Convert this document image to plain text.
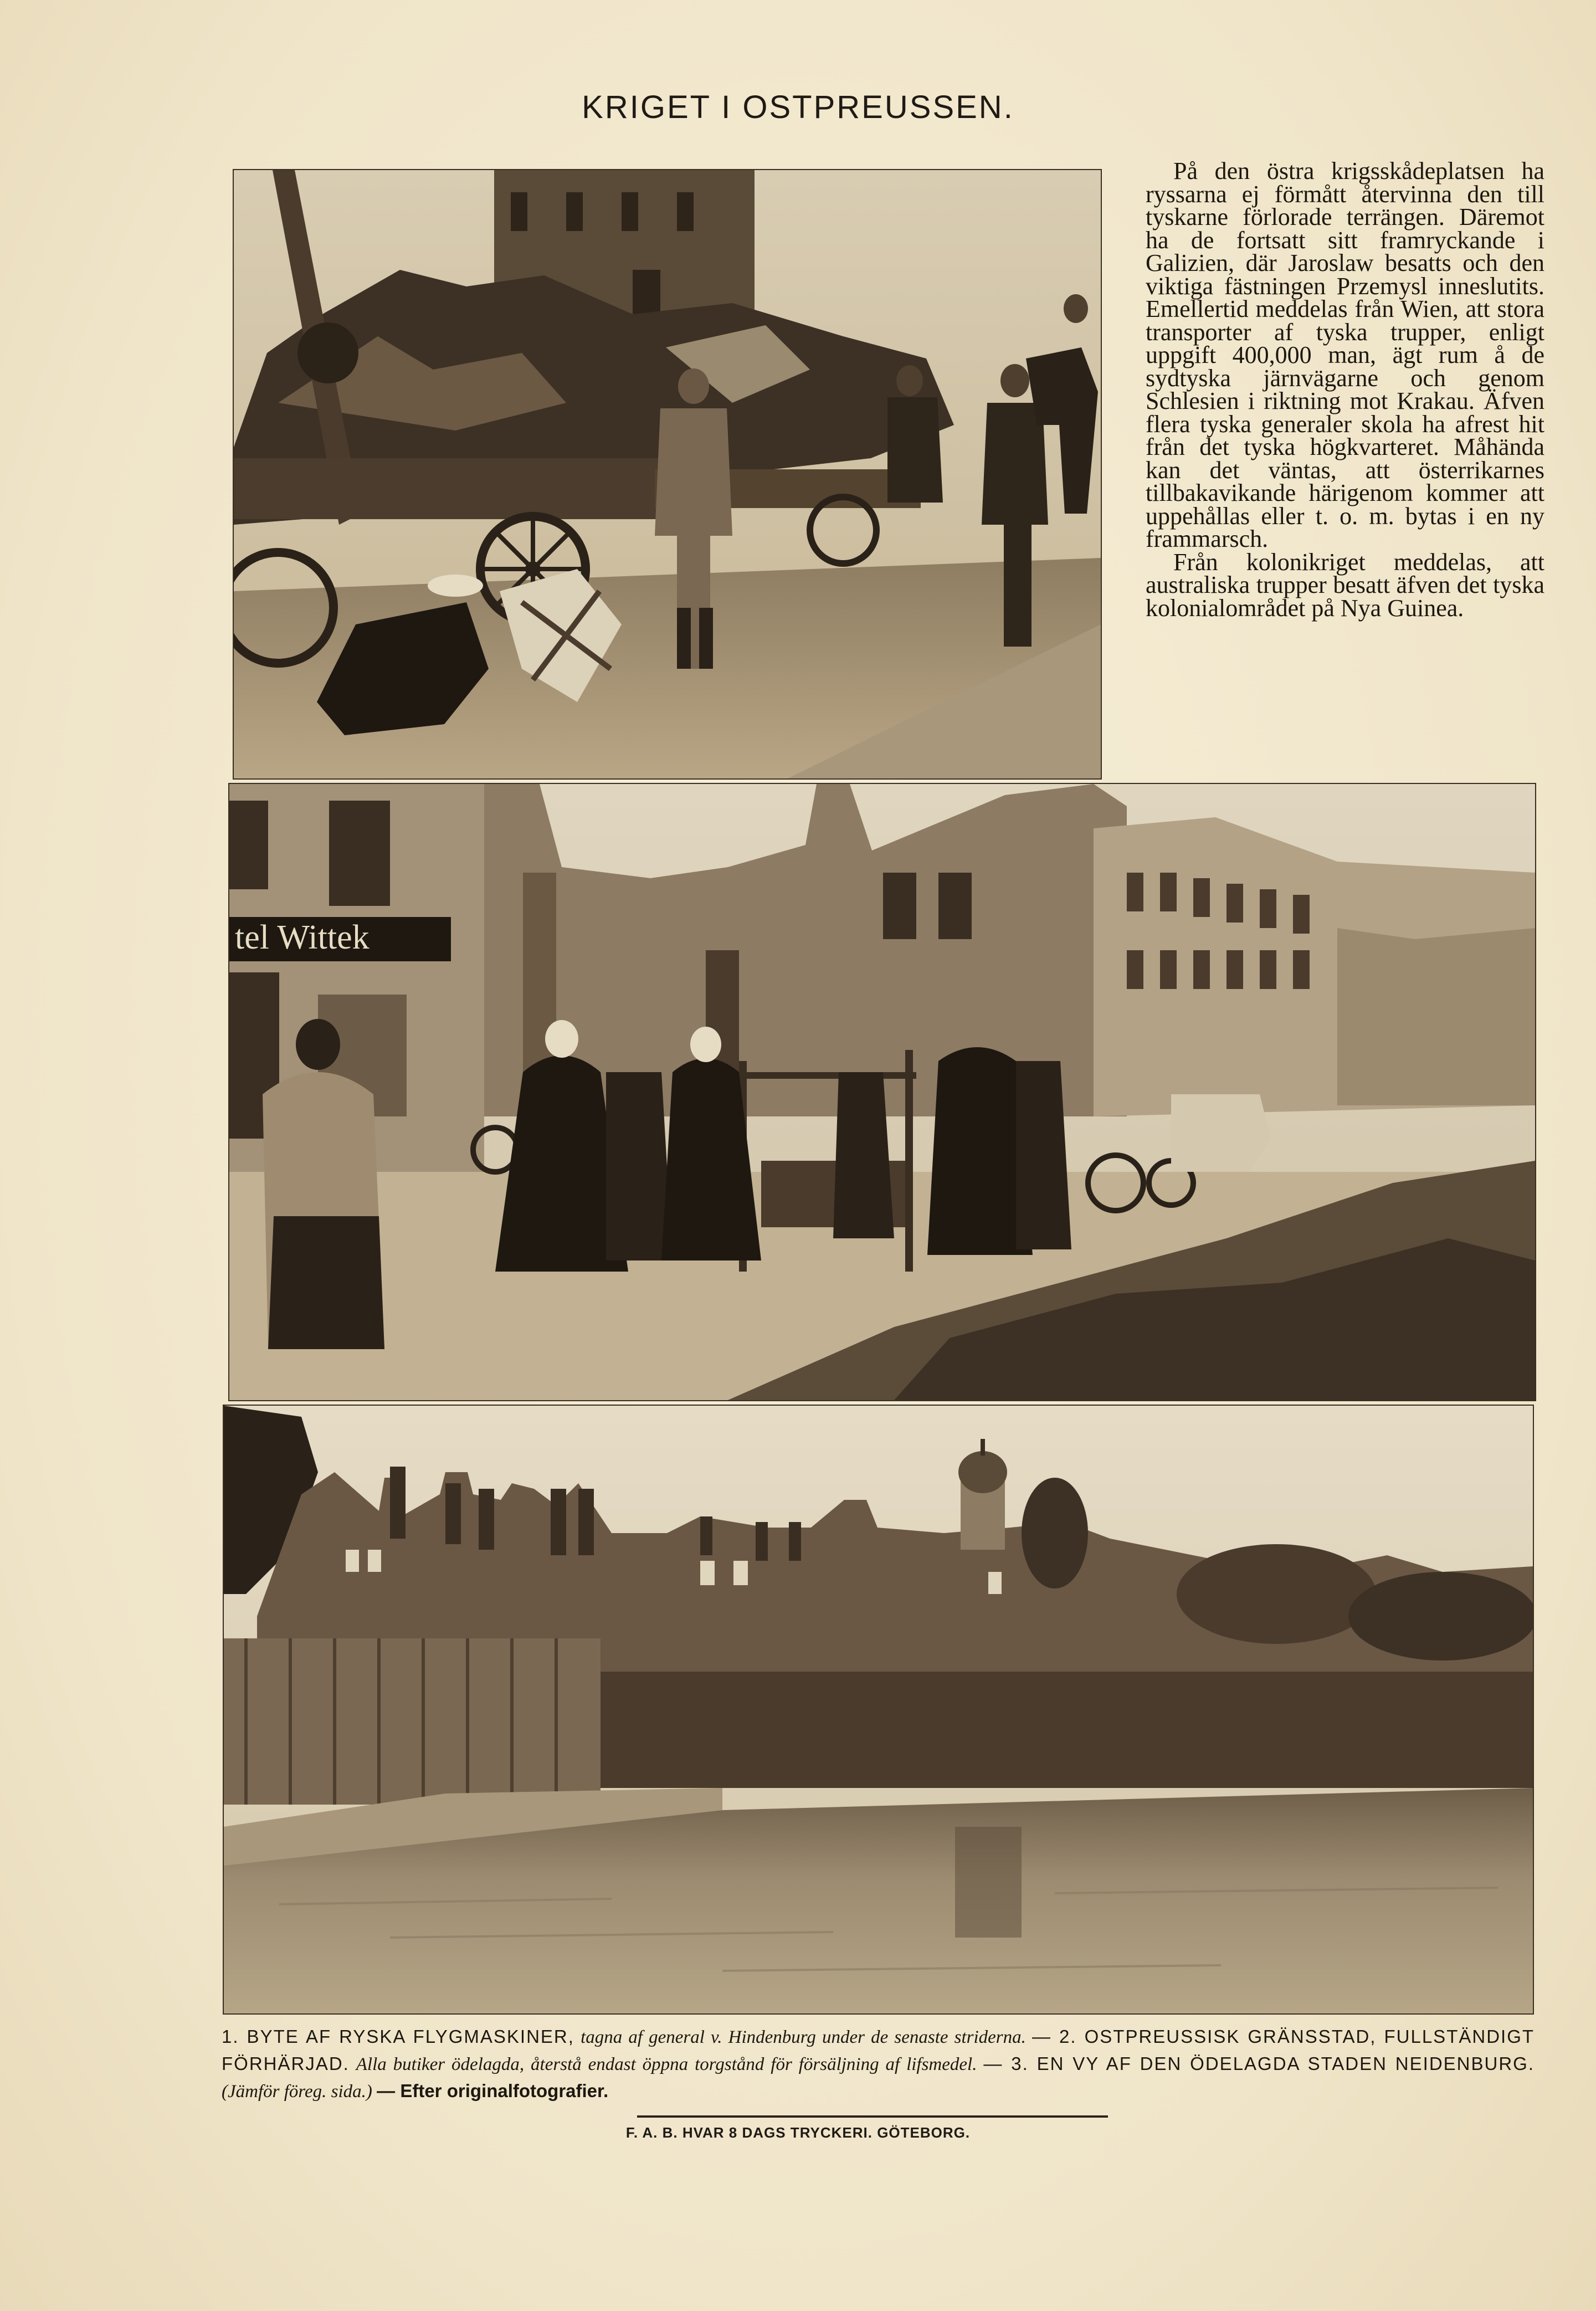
KRIGET I OSTPREUSSEN.

På den östra krigsskådeplatsen ha ryssarna ej förmått återvinna den till tyskarne förlorade terrängen. Däremot ha de fortsatt sitt framryckande i Galizien, där Jaroslaw besatts och den viktiga fästningen Przemysl inneslutits. Emellertid meddelas från Wien, att stora transporter af tyska trupper, enligt uppgift 400,000 man, ägt rum å de sydtyska järnvägarne och genom Schlesien i riktning mot Krakau. Äfven flera tyska generaler skola ha afrest hit från det tyska högkvarteret. Måhända kan det väntas, att österrikarnes tillbakavikande härigenom kommer att uppehållas eller t. o. m. bytas i en ny frammarsch.

Från kolonikriget meddelas, att australiska trupper besatt äfven det tyska kolonialområdet på Nya Guinea.

tel Wittek
1. BYTE AF RYSKA FLYGMASKINER, tagna af general v. Hindenburg under de senaste striderna. — 2. OSTPREUSSISK GRÄNSSTAD, FULLSTÄNDIGT FÖRHÄRJAD. Alla butiker ödelagda, återstå endast öppna torgstånd för försäljning af lifsmedel. — 3. EN VY AF DEN ÖDELAGDA STADEN NEIDENBURG. (Jämför föreg. sida.) — Efter originalfotografier.
F. A. B. HVAR 8 DAGS TRYCKERI. GÖTEBORG.
